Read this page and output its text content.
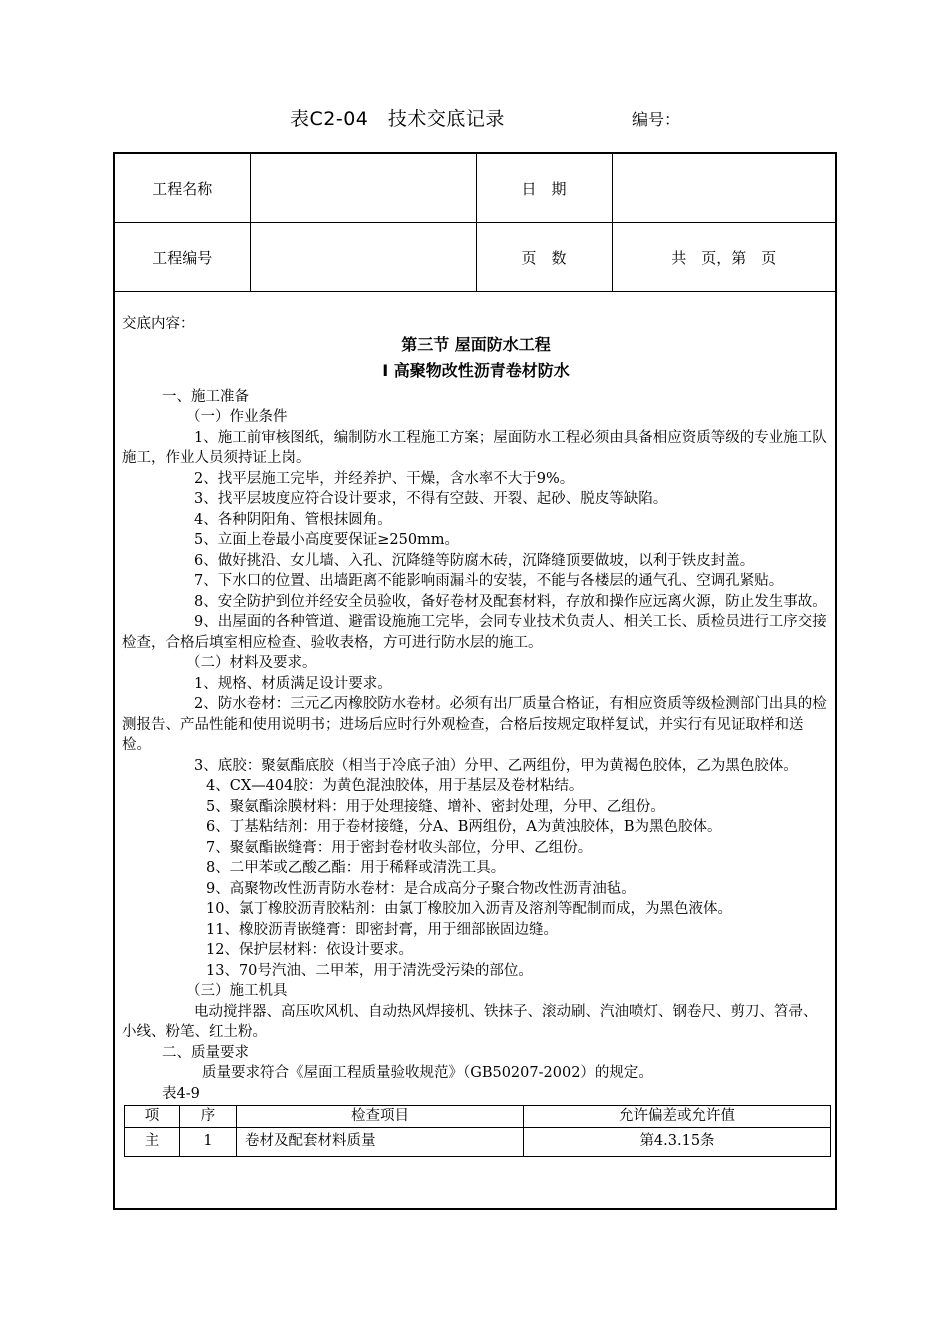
表C2-04　技术交底记录	编号：
工程名称		日　期	
工程编号		页　数	共　页，第　页

交底内容：

第三节 屋面防水工程

Ⅰ 高聚物改性沥青卷材防水

一、施工准备

（一）作业条件

1、施工前审核图纸，编制防水工程施工方案；屋面防水工程必须由具备相应资质等级的专业施工队施工，作业人员须持证上岗。

2、找平层施工完毕，并经养护、干燥，含水率不大于9%。

3、找平层坡度应符合设计要求，不得有空鼓、开裂、起砂、脱皮等缺陷。

4、各种阴阳角、管根抹圆角。

5、立面上卷最小高度要保证≥250mm。

6、做好挑沿、女儿墙、入孔、沉降缝等防腐木砖，沉降缝顶要做坡，以利于铁皮封盖。

7、下水口的位置、出墙距离不能影响雨漏斗的安装，不能与各楼层的通气孔、空调孔紧贴。

8、安全防护到位并经安全员验收，备好卷材及配套材料，存放和操作应远离火源，防止发生事故。

9、出屋面的各种管道、避雷设施施工完毕，会同专业技术负责人、相关工长、质检员进行工序交接检查，合格后填室相应检查、验收表格，方可进行防水层的施工。

（二）材料及要求。

1、规格、材质满足设计要求。

2、防水卷材：三元乙丙橡胶防水卷材。必须有出厂质量合格证，有相应资质等级检测部门出具的检测报告、产品性能和使用说明书；进场后应时行外观检查，合格后按规定取样复试，并实行有见证取样和送检。

3、底胶：聚氨酯底胶（相当于冷底子油）分甲、乙两组份，甲为黄褐色胶体，乙为黑色胶体。

4、CX—404胶：为黄色混浊胶体，用于基层及卷材粘结。

5、聚氨酯涂膜材料：用于处理接缝、增补、密封处理，分甲、乙组份。

6、丁基粘结剂：用于卷材接缝，分A、B两组份，A为黄浊胶体，B为黑色胶体。

7、聚氨酯嵌缝膏：用于密封卷材收头部位，分甲、乙组份。

8、二甲苯或乙酸乙酯：用于稀释或清洗工具。

9、高聚物改性沥青防水卷材：是合成高分子聚合物改性沥青油毡。

10、氯丁橡胶沥青胶粘剂：由氯丁橡胶加入沥青及溶剂等配制而成，为黑色液体。

11、橡胶沥青嵌缝膏：即密封膏，用于细部嵌固边缝。

12、保护层材料：依设计要求。

13、70号汽油、二甲苯，用于清洗受污染的部位。

（三）施工机具

电动搅拌器、高压吹风机、自动热风焊接机、铁抹子、滚动刷、汽油喷灯、钢卷尺、剪刀、笤帚、小线、粉笔、红土粉。

二、质量要求

质量要求符合《屋面工程质量验收规范》（GB50207-2002）的规定。

表4-9

项	序	检查项目	允许偏差或允许值
主	1	卷材及配套材料质量	第4.3.15条
